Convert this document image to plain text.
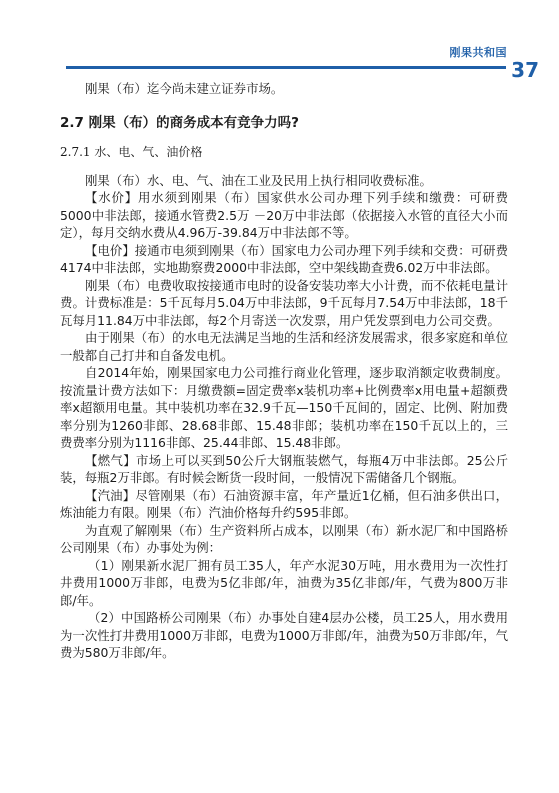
刚果共和国
37

刚果（布）迄今尚未建立证券市场。

2.7 刚果（布）的商务成本有竞争力吗?
2.7.1 水、电、气、油价格

刚果（布）水、电、气、油在工业及民用上执行相同收费标准。

【水价】用水须到刚果（布）国家供水公司办理下列手续和缴费：可研费5000中非法郎，接通水管费2.5万 －20万中非法郎（依据接入水管的直径大小而定），每月交纳水费从4.96万-39.84万中非法郎不等。

【电价】接通市电须到刚果（布）国家电力公司办理下列手续和交费：可研费4174中非法郎，实地勘察费2000中非法郎，空中架线勘查费6.02万中非法郎。

刚果（布）电费收取按接通市电时的设备安装功率大小计费，而不依耗电量计费。计费标准是：5千瓦每月5.04万中非法郎，9千瓦每月7.54万中非法郎，18千瓦每月11.84万中非法郎，每2个月寄送一次发票，用户凭发票到电力公司交费。

由于刚果（布）的水电无法满足当地的生活和经济发展需求，很多家庭和单位一般都自己打井和自备发电机。

自2014年始，刚果国家电力公司推行商业化管理，逐步取消额定收费制度。按流量计费方法如下：月缴费额=固定费率x装机功率+比例费率x用电量+超额费率x超额用电量。其中装机功率在32.9千瓦—150千瓦间的，固定、比例、附加费率分别为1260非郎、28.68非郎、15.48非郎；装机功率在150千瓦以上的，三费费率分别为1116非郎、25.44非郎、15.48非郎。

【燃气】市场上可以买到50公斤大钢瓶装燃气，每瓶4万中非法郎。25公斤装，每瓶2万非郎。有时候会断货一段时间，一般情况下需储备几个钢瓶。

【汽油】尽管刚果（布）石油资源丰富，年产量近1亿桶，但石油多供出口，炼油能力有限。刚果（布）汽油价格每升约595非郎。

为直观了解刚果（布）生产资料所占成本，以刚果（布）新水泥厂和中国路桥公司刚果（布）办事处为例：

（1）刚果新水泥厂拥有员工35人，年产水泥30万吨，用水费用为一次性打井费用1000万非郎，电费为5亿非郎/年，油费为35亿非郎/年，气费为800万非郎/年。

（2）中国路桥公司刚果（布）办事处自建4层办公楼，员工25人，用水费用为一次性打井费用1000万非郎，电费为1000万非郎/年，油费为50万非郎/年，气费为580万非郎/年。
